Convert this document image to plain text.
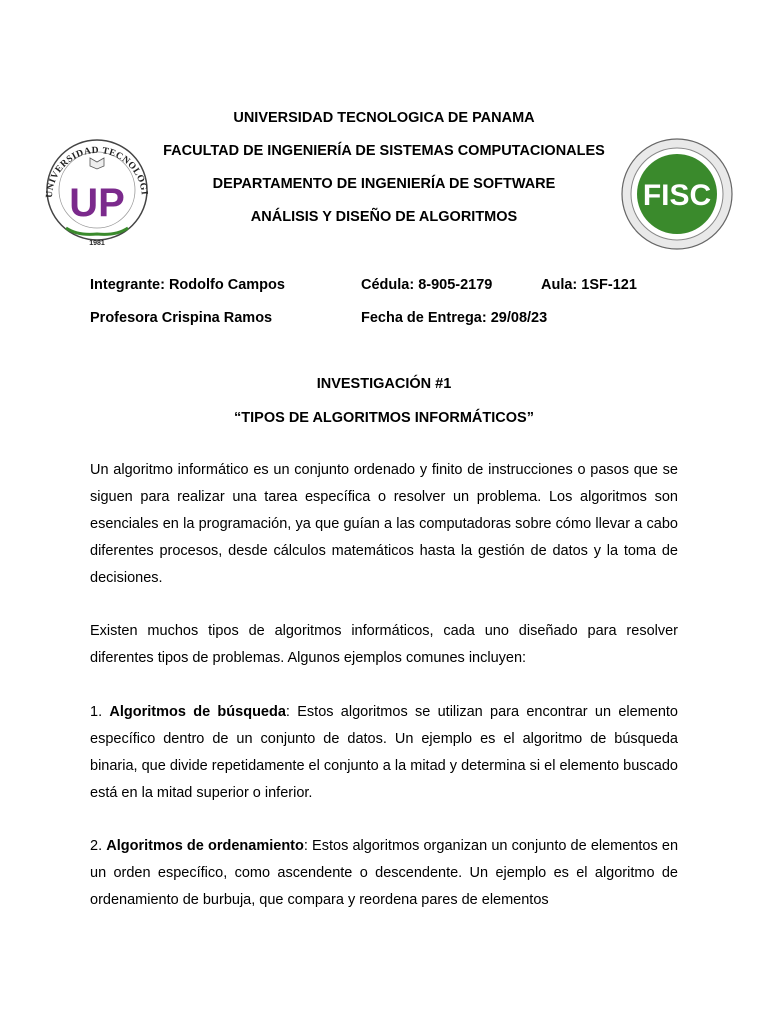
UNIVERSIDAD TECNOLOGI
UP
1981
FISC
UNIVERSIDAD TECNOLOGICA DE PANAMA
FACULTAD DE INGENIERÍA DE SISTEMAS COMPUTACIONALES
DEPARTAMENTO DE INGENIERÍA DE SOFTWARE
ANÁLISIS Y DISEÑO DE ALGORITMOS
Integrante: Rodolfo Campos	Cédula: 8-905-2179	Aula: 1SF-121
Profesora Crispina Ramos	Fecha de Entrega: 29/08/23
INVESTIGACIÓN #1
“TIPOS DE ALGORITMOS INFORMÁTICOS”
Un algoritmo informático es un conjunto ordenado y finito de instrucciones o pasos que se siguen para realizar una tarea específica o resolver un problema. Los algoritmos son esenciales en la programación, ya que guían a las computadoras sobre cómo llevar a cabo diferentes procesos, desde cálculos matemáticos hasta la gestión de datos y la toma de decisiones.
Existen muchos tipos de algoritmos informáticos, cada uno diseñado para resolver diferentes tipos de problemas. Algunos ejemplos comunes incluyen:
1. Algoritmos de búsqueda: Estos algoritmos se utilizan para encontrar un elemento específico dentro de un conjunto de datos. Un ejemplo es el algoritmo de búsqueda binaria, que divide repetidamente el conjunto a la mitad y determina si el elemento buscado está en la mitad superior o inferior.
2. Algoritmos de ordenamiento: Estos algoritmos organizan un conjunto de elementos en un orden específico, como ascendente o descendente. Un ejemplo es el algoritmo de ordenamiento de burbuja, que compara y reordena pares de elementos
